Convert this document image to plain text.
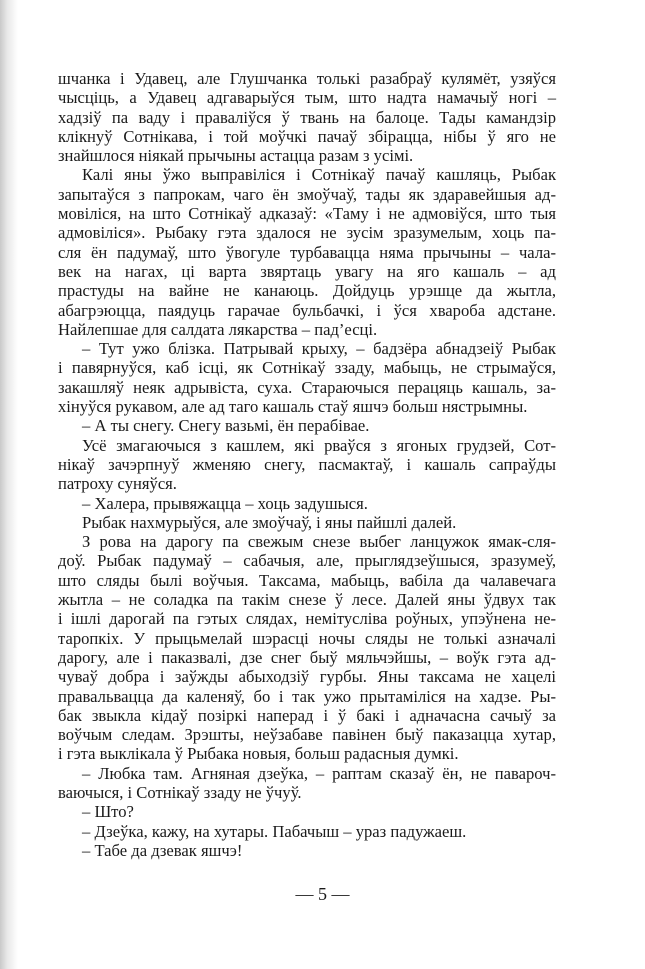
шчанка і Удавец, але Глушчанка толькі разабраў кулямёт, узяўся
чысціць, а Удавец адгаварыўся тым, што надта намачыў ногі –
хадзіў па ваду і праваліўся ў твань на балоце. Тады камандзір
клікнуў Сотнікава, і той моўчкі пачаў збірацца, нібы ў яго не
знайшлося ніякай прычыны астацца разам з усімі.
Калі яны ўжо выправіліся і Сотнікаў пачаў кашляць, Рыбак
запытаўся з папрокам, чаго ён змоўчаў, тады як здаравейшыя ад-
мовіліся, на што Сотнікаў адказаў: «Таму і не адмовіўся, што тыя
адмовіліся». Рыбаку гэта здалося не зусім зразумелым, хоць па-
сля ён падумаў, што ўвогуле турбавацца няма прычыны – чала-
век на нагах, ці варта звяртаць увагу на яго кашаль – ад
прастуды на вайне не канаюць. Дойдуць урэшце да жытла,
абагрэюцца, паядуць гарачае бульбачкі, і ўся хвароба адстане.
Найлепшае для салдата лякарства – пад’есці.
– Тут ужо блізка. Патрывай крыху, – бадзёра абнадзеіў Рыбак
і павярнуўся, каб ісці, як Сотнікаў ззаду, мабыць, не стрымаўся,
закашляў неяк адрывіста, суха. Стараючыся перацяць кашаль, за-
хінуўся рукавом, але ад таго кашаль стаў яшчэ больш нястрымны.
– А ты снегу. Снегу вазьмі, ён перабівае.
Усё змагаючыся з кашлем, які рваўся з ягоных грудзей, Сот-
нікаў зачэрпнуў жменяю снегу, пасмактаў, і кашаль сапраўды
патроху суняўся.
– Халера, прывяжацца – хоць задушыся.
Рыбак нахмурыўся, але змоўчаў, і яны пайшлі далей.
З рова на дарогу па свежым снезе выбег ланцужок ямак-сля-
доў. Рыбак падумаў – сабачыя, але, прыглядзеўшыся, зразумеў,
што сляды былі воўчыя. Таксама, мабыць, вабіла да чалавечага
жытла – не соладка па такім снезе ў лесе. Далей яны ўдвух так
і ішлі дарогай па гэтых слядах, немітусліва роўных, упэўнена не-
таропкіх. У прыцьмелай шэрасці ночы сляды не толькі азначалі
дарогу, але і паказвалі, дзе снег быў мяльчэйшы, – воўк гэта ад-
чуваў добра і заўжды абыходзіў гурбы. Яны таксама не хацелі
правальвацца да каленяў, бо і так ужо прытаміліся на хадзе. Ры-
бак звыкла кідаў позіркі наперад і ў бакі і адначасна сачыў за
воўчым следам. Зрэшты, неўзабаве павінен быў паказацца хутар,
і гэта выклікала ў Рыбака новыя, больш радасныя думкі.
– Любка там. Агняная дзеўка, – раптам сказаў ён, не павароч-
ваючыся, і Сотнікаў ззаду не ўчуў.
– Што?
– Дзеўка, кажу, на хутары. Пабачыш – ураз падужаеш.
– Табе да дзевак яшчэ!
— 5 —
